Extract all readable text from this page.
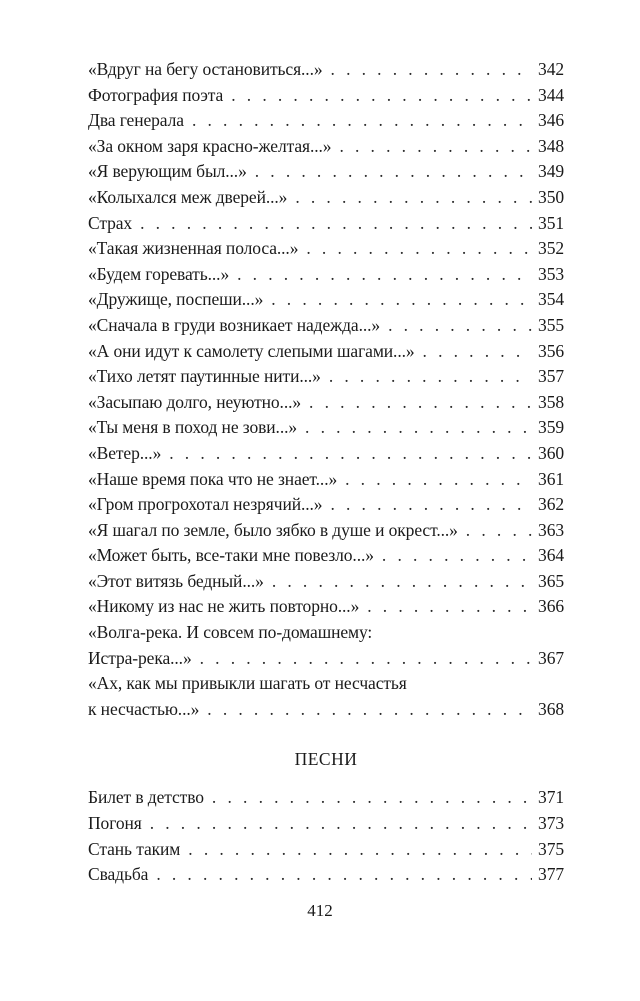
«Вдруг на бегу остановиться...» . . .	342
Фотография поэта . . .	344
Два генерала . . .	346
«За окном заря красно-желтая...» . . .	348
«Я верующим был...» . . .	349
«Колыхался меж дверей...» . . .	350
Страх . . .	351
«Такая жизненная полоса...» . . .	352
«Будем горевать...» . . .	353
«Дружище, поспеши...» . . .	354
«Сначала в груди возникает надежда...» . . .	355
«А они идут к самолету слепыми шагами...» . . .	356
«Тихо летят паутинные нити...» . . .	357
«Засыпаю долго, неуютно...» . . .	358
«Ты меня в поход не зови...» . . .	359
«Ветер...» . . .	360
«Наше время пока что не знает...» . . .	361
«Гром прогрохотал незрячий...» . . .	362
«Я шагал по земле, было зябко в душе и окрест...» . . .	363
«Может быть, все-таки мне повезло...» . . .	364
«Этот витязь бедный...» . . .	365
«Никому из нас не жить повторно...» . . .	366
«Волга-река. И совсем по-домашнему:
Истра-река...» . . .	367
«Ах, как мы привыкли шагать от несчастья
к несчастью...» . . .	368
ПЕСНИ
Билет в детство . . .	371
Погоня . . .	373
Стань таким . . .	375
Свадьба . . .	377
412
